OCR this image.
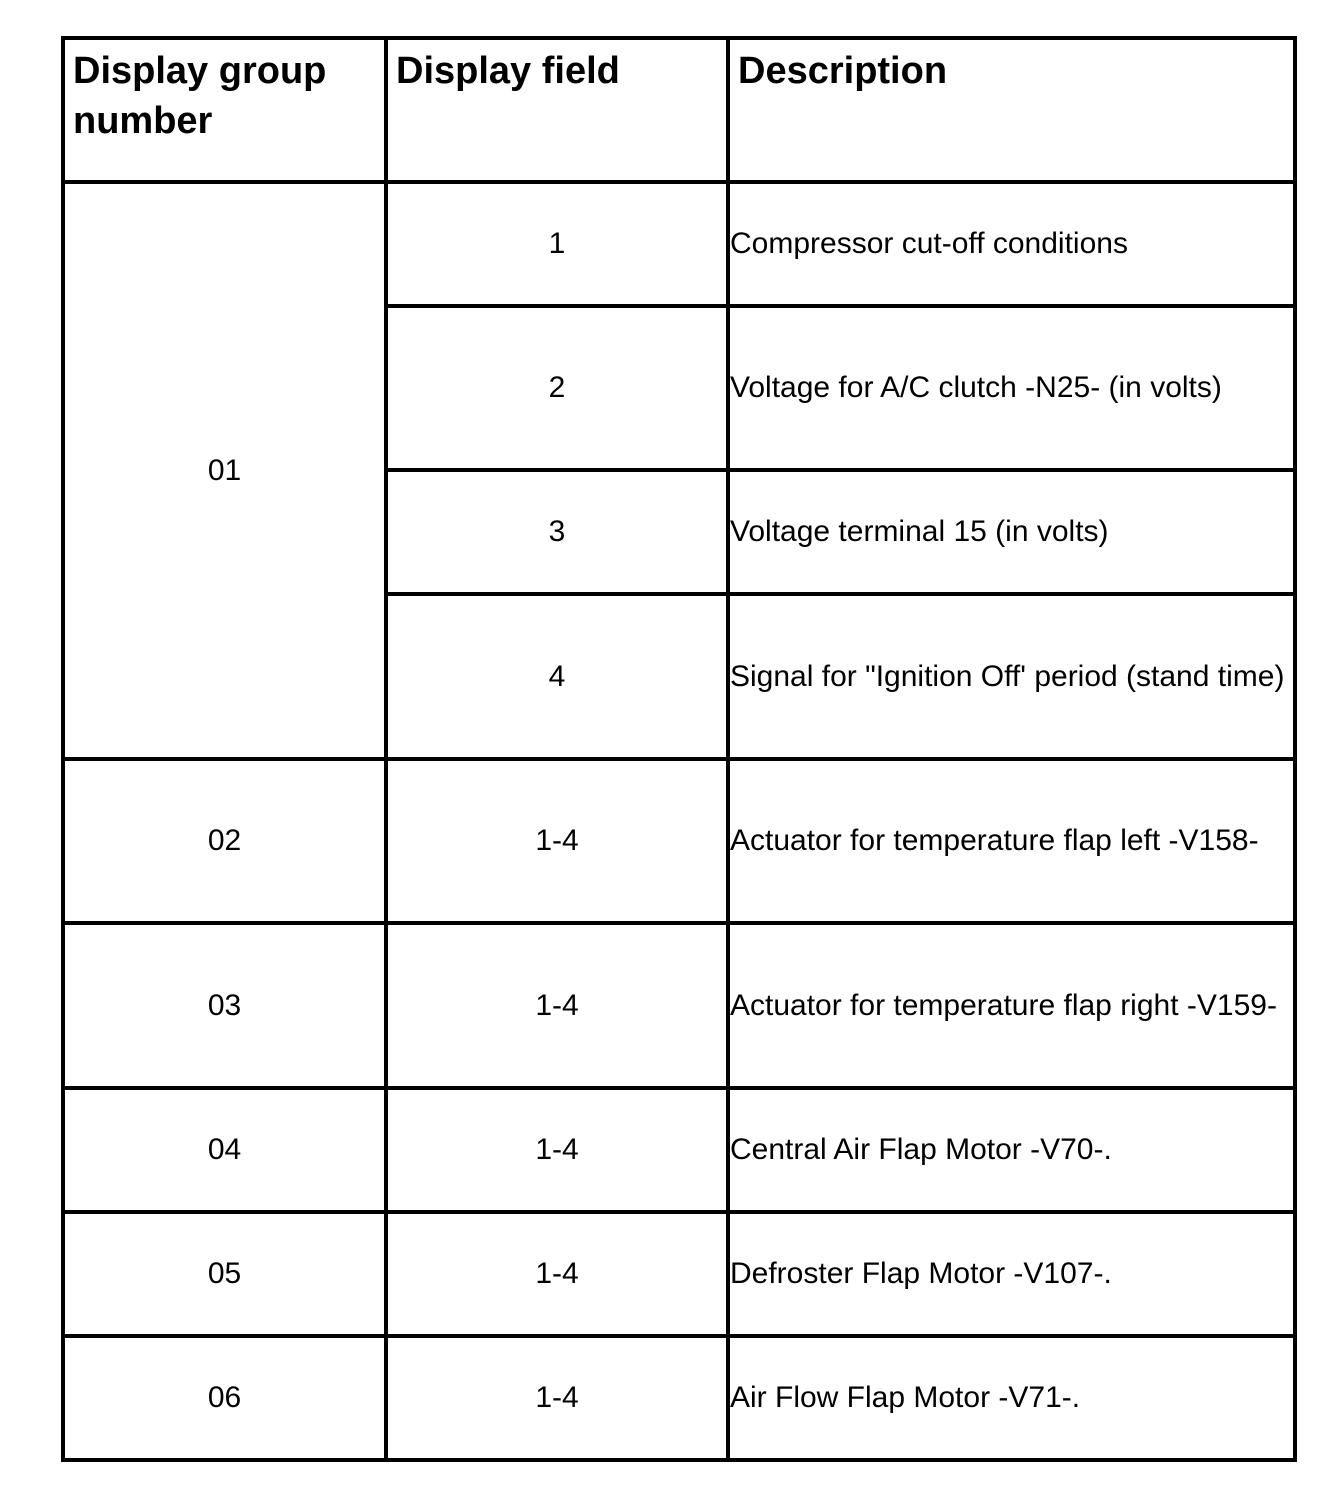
Display group number	Display field	Description
01	1	Compressor cut-off conditions
	2	Voltage for A/C clutch -N25- (in volts)
	3	Voltage terminal 15 (in volts)
	4	Signal for "Ignition Off' period (stand time)
02	1-4	Actuator for temperature flap left -V158-
03	1-4	Actuator for temperature flap right -V159-
04	1-4	Central Air Flap Motor -V70-.
05	1-4	Defroster Flap Motor -V107-.
06	1-4	Air Flow Flap Motor -V71-.
